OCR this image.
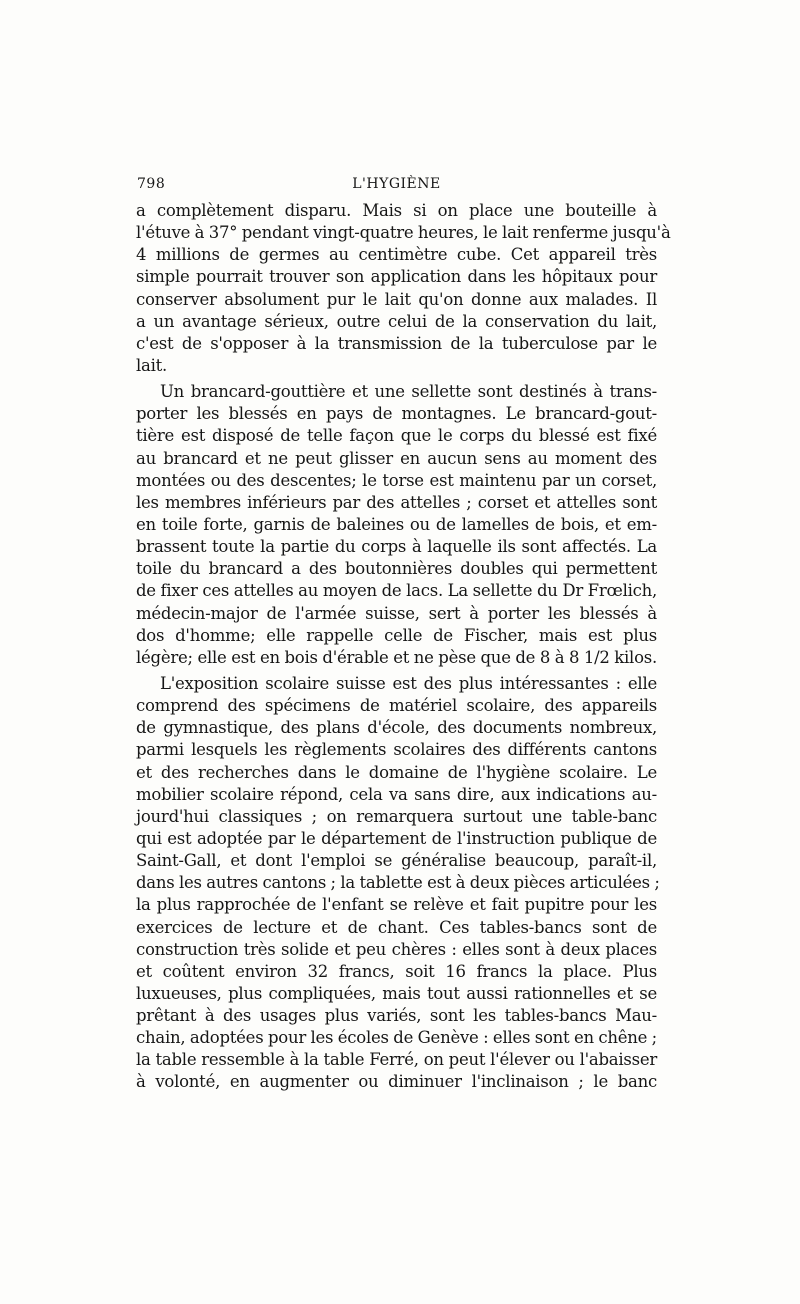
798	L'HYGIÈNE
a complètement disparu. Mais si on place une bouteille à
l'étuve à 37° pendant vingt-quatre heures, le lait renferme jusqu'à
4 millions de germes au centimètre cube. Cet appareil très
simple pourrait trouver son application dans les hôpitaux pour
conserver absolument pur le lait qu'on donne aux malades. Il
a un avantage sérieux, outre celui de la conservation du lait,
c'est de s'opposer à la transmission de la tuberculose par le
lait.
Un brancard-gouttière et une sellette sont destinés à trans-
porter les blessés en pays de montagnes. Le brancard-gout-
tière est disposé de telle façon que le corps du blessé est fixé
au brancard et ne peut glisser en aucun sens au moment des
montées ou des descentes; le torse est maintenu par un corset,
les membres inférieurs par des attelles ; corset et attelles sont
en toile forte, garnis de baleines ou de lamelles de bois, et em-
brassent toute la partie du corps à laquelle ils sont affectés. La
toile du brancard a des boutonnières doubles qui permettent
de fixer ces attelles au moyen de lacs. La sellette du Dr Frœlich,
médecin-major de l'armée suisse, sert à porter les blessés à
dos d'homme; elle rappelle celle de Fischer, mais est plus
légère; elle est en bois d'érable et ne pèse que de 8 à 8 1/2 kilos.
L'exposition scolaire suisse est des plus intéressantes : elle
comprend des spécimens de matériel scolaire, des appareils
de gymnastique, des plans d'école, des documents nombreux,
parmi lesquels les règlements scolaires des différents cantons
et des recherches dans le domaine de l'hygiène scolaire. Le
mobilier scolaire répond, cela va sans dire, aux indications au-
jourd'hui classiques ; on remarquera surtout une table-banc
qui est adoptée par le département de l'instruction publique de
Saint-Gall, et dont l'emploi se généralise beaucoup, paraît-il,
dans les autres cantons ; la tablette est à deux pièces articulées ;
la plus rapprochée de l'enfant se relève et fait pupitre pour les
exercices de lecture et de chant. Ces tables-bancs sont de
construction très solide et peu chères : elles sont à deux places
et coûtent environ 32 francs, soit 16 francs la place. Plus
luxueuses, plus compliquées, mais tout aussi rationnelles et se
prêtant à des usages plus variés, sont les tables-bancs Mau-
chain, adoptées pour les écoles de Genève : elles sont en chêne ;
la table ressemble à la table Ferré, on peut l'élever ou l'abaisser
à volonté, en augmenter ou diminuer l'inclinaison ; le banc
